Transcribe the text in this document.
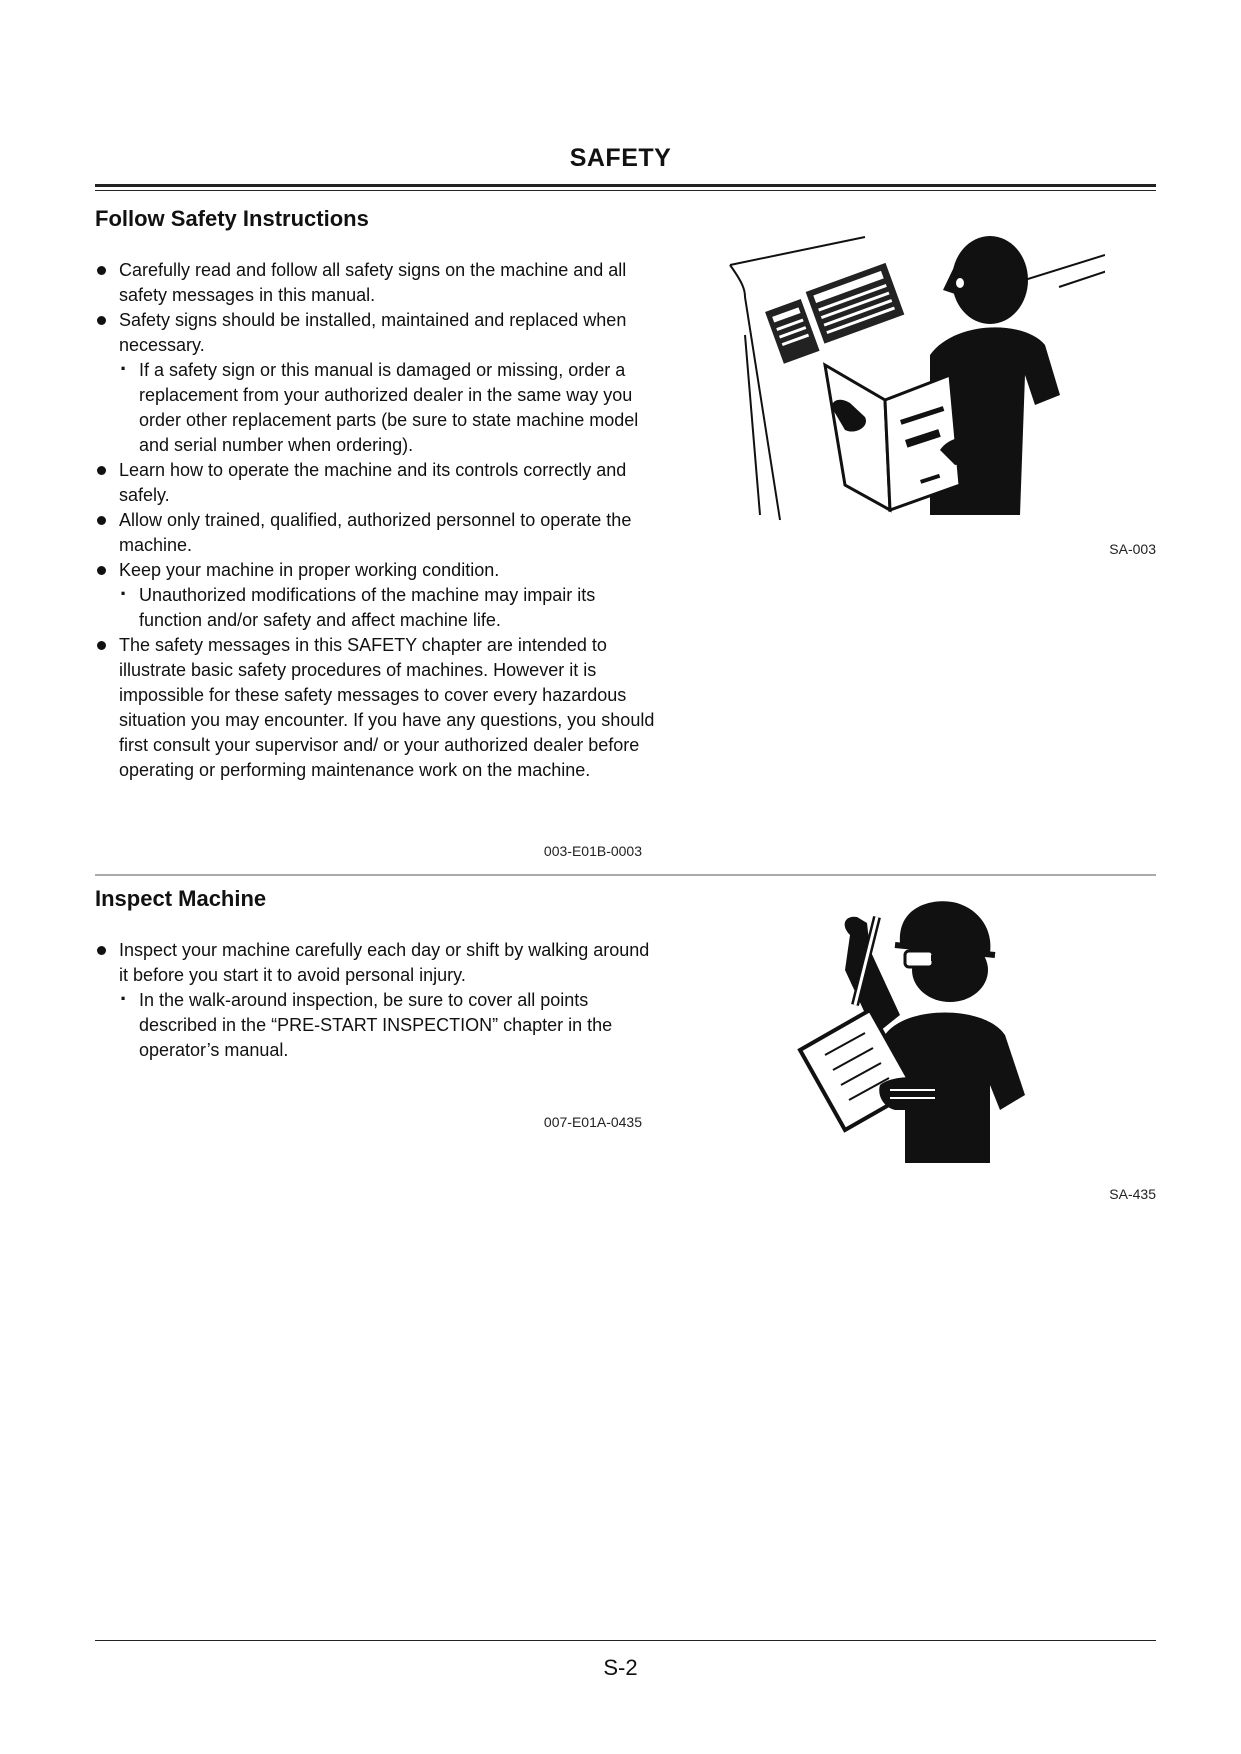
SAFETY
Follow Safety Instructions
Carefully read and follow all safety signs on the machine and all safety messages in this manual.
Safety signs should be installed, maintained and replaced when necessary.
· If a safety sign or this manual is damaged or missing, order a replacement from your authorized dealer in the same way you order other replacement parts (be sure to state machine model and serial number when ordering).
Learn how to operate the machine and its controls correctly and safely.
Allow only trained, qualified, authorized personnel to operate the machine.
Keep your machine in proper working condition.
· Unauthorized modifications of the machine may impair its function and/or safety and affect machine life.
The safety messages in this SAFETY chapter are intended to illustrate basic safety procedures of machines. However it is impossible for these safety messages to cover every hazardous situation you may encounter. If you have any questions, you should first consult your supervisor and/ or your authorized dealer before operating or performing maintenance work on the machine.
003-E01B-0003
SA-003
Inspect Machine
Inspect your machine carefully each day or shift by walking around it before you start it to avoid personal injury.
· In the walk-around inspection, be sure to cover all points described in the “PRE-START INSPECTION” chapter in the operator’s manual.
007-E01A-0435
SA-435
S-2
